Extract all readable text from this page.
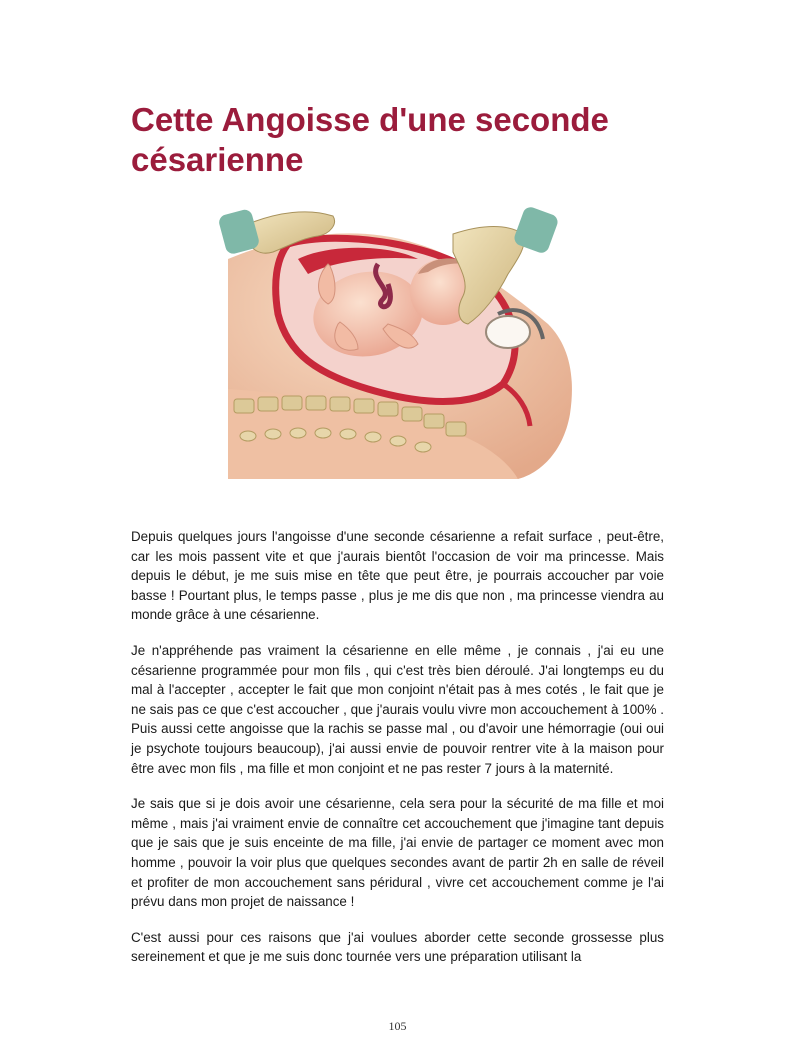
Cette Angoisse d'une seconde césarienne

Depuis quelques jours l'angoisse d'une seconde césarienne a refait surface , peut-être, car les mois passent vite et que j'aurais bientôt l'occasion de voir ma princesse. Mais depuis le début, je me suis mise en tête que peut être, je pourrais accoucher par voie basse ! Pourtant plus, le temps passe , plus je me dis que non , ma princesse viendra au monde grâce à une césarienne.

Je n'appréhende pas vraiment la césarienne en elle même , je connais , j'ai eu une césarienne programmée pour mon fils , qui c'est très bien déroulé. J'ai longtemps eu du mal à l'accepter , accepter le fait que mon conjoint n'était pas à mes cotés , le fait que je ne sais pas ce que c'est accoucher , que j'aurais voulu vivre mon accouchement à 100% . Puis aussi cette angoisse que la rachis se passe mal , ou d'avoir une hémorragie (oui oui je psychote toujours beaucoup), j'ai aussi envie de pouvoir rentrer vite à la maison pour être avec mon fils , ma fille et mon conjoint et ne pas rester 7 jours à la maternité.

Je sais que si je dois avoir une césarienne, cela sera pour la sécurité de ma fille et moi même , mais j'ai vraiment envie de connaître cet accouchement que j'imagine tant depuis que je sais que je suis enceinte de ma fille, j'ai envie de partager ce moment avec mon homme , pouvoir la voir plus que quelques secondes avant de partir 2h en salle de réveil et profiter de mon accouchement sans péridural , vivre cet accouchement comme je l'ai prévu dans mon projet de naissance !

C'est aussi pour ces raisons que j'ai voulues aborder cette seconde grossesse plus sereinement et que je me suis donc tournée vers une préparation utilisant la

105
